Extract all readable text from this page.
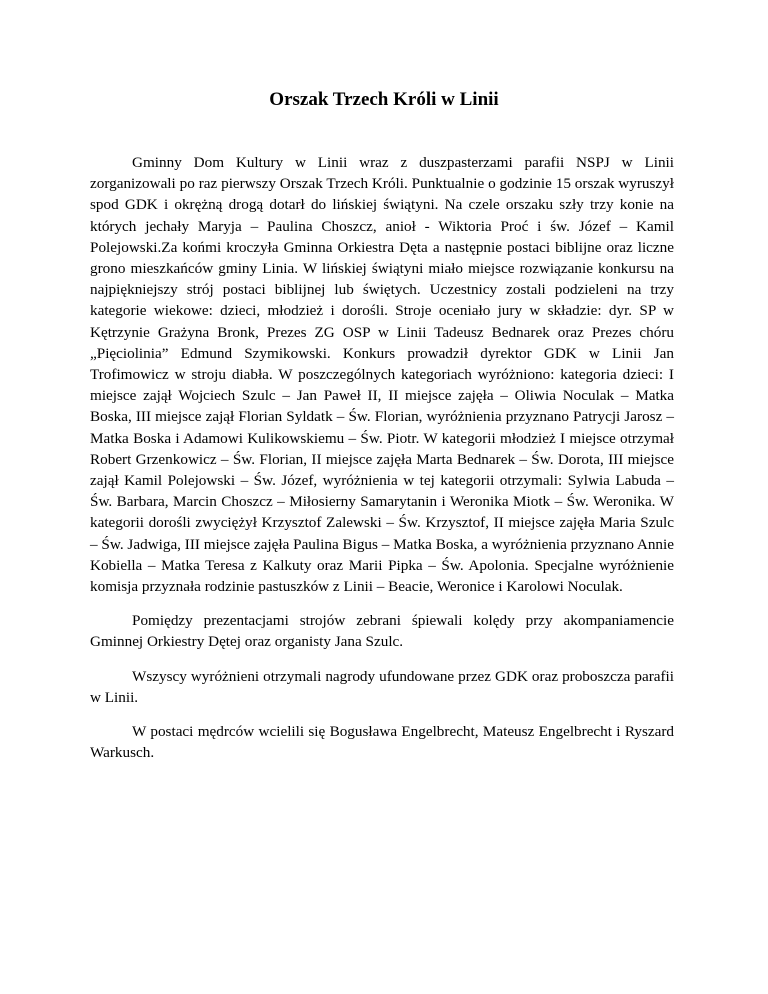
Orszak Trzech Króli w Linii

Gminny Dom Kultury w Linii wraz z duszpasterzami parafii NSPJ w Linii zorganizowali po raz pierwszy Orszak Trzech Króli. Punktualnie o godzinie 15 orszak wyruszył spod GDK i okrężną drogą dotarł do lińskiej świątyni. Na czele orszaku szły trzy konie na których jechały Maryja – Paulina Choszcz, anioł - Wiktoria Proć i św. Józef – Kamil Polejowski.Za końmi kroczyła Gminna Orkiestra Dęta a następnie postaci biblijne oraz liczne grono mieszkańców gminy Linia. W lińskiej świątyni miało miejsce rozwiązanie konkursu na najpiękniejszy strój postaci biblijnej lub świętych. Uczestnicy zostali podzieleni na trzy kategorie wiekowe: dzieci, młodzież i dorośli. Stroje oceniało jury w składzie: dyr. SP w Kętrzynie Grażyna Bronk, Prezes ZG OSP w Linii Tadeusz Bednarek oraz Prezes chóru „Pięciolinia” Edmund Szymikowski. Konkurs prowadził dyrektor GDK w Linii Jan Trofimowicz w stroju diabła. W poszczególnych kategoriach wyróżniono: kategoria dzieci: I miejsce zajął Wojciech Szulc – Jan Paweł II, II miejsce zajęła – Oliwia Noculak – Matka Boska, III miejsce zajął Florian Syldatk – Św. Florian, wyróżnienia przyznano Patrycji Jarosz – Matka Boska i Adamowi Kulikowskiemu – Św. Piotr. W kategorii młodzież I miejsce otrzymał Robert Grzenkowicz – Św. Florian, II miejsce zajęła Marta Bednarek – Św. Dorota, III miejsce zajął Kamil Polejowski – Św. Józef, wyróżnienia w tej kategorii otrzymali: Sylwia Labuda – Św. Barbara, Marcin Choszcz – Miłosierny Samarytanin i Weronika Miotk – Św. Weronika. W kategorii dorośli zwyciężył Krzysztof Zalewski – Św. Krzysztof, II miejsce zajęła Maria Szulc – Św. Jadwiga, III miejsce zajęła Paulina Bigus – Matka Boska, a wyróżnienia przyznano Annie Kobiella – Matka Teresa z Kalkuty oraz Marii Pipka – Św. Apolonia. Specjalne wyróżnienie komisja przyznała rodzinie pastuszków z Linii – Beacie, Weronice i Karolowi Noculak.

Pomiędzy prezentacjami strojów zebrani śpiewali kolędy przy akompaniamencie Gminnej Orkiestry Dętej oraz organisty Jana Szulc.

Wszyscy wyróżnieni otrzymali nagrody ufundowane przez GDK oraz proboszcza parafii w Linii.

W postaci mędrców wcielili się Bogusława Engelbrecht, Mateusz Engelbrecht i Ryszard Warkusch.
